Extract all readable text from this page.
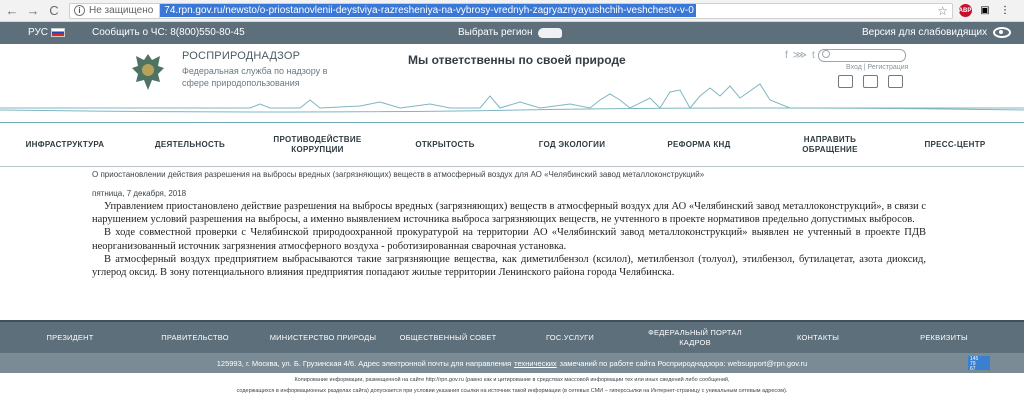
← → C	i Не защищено	74.rpn.gov.ru/newsto/o-priostanovlenii-deystviya-razresheniya-na-vybrosy-vrednyh-zagryaznyayushchih-veshchestv-v-0	☆ ABP ▣	⋮
РУС	Сообщить о ЧС: 8(800)550-80-45	Выбрать регион	Версия для слабовидящих
РОСПРИРОДНАДЗОР
Федеральная служба по надзору в сфере природопользования
Мы ответственны по своей природе	f ⋙ t
Вход | Регистрация
ИНФРАСТРУКТУРА	ДЕЯТЕЛЬНОСТЬ
ПРОТИВОДЕЙСТВИЕ КОРРУПЦИИ
ОТКРЫТОСТЬ	ГОД ЭКОЛОГИИ	РЕФОРМА КНД
НАПРАВИТЬ ОБРАЩЕНИЕ
ПРЕСС-ЦЕНТР
О приостановлении действия разрешения на выбросы вредных (загрязняющих) веществ в атмосферный воздух для АО «Челябинский завод металлоконструкций»
пятница, 7 декабря, 2018

Управлением приостановлено действие разрешения на выбросы вредных (загрязняющих) веществ в атмосферный воздух для АО «Челябинский завод металлоконструкций», в связи с нарушением условий разрешения на выбросы, а именно выявлением источника выброса загрязняющих веществ, не учтенного в проекте нормативов предельно допустимых выбросов.

В ходе совместной проверки с Челябинской природоохранной прокуратурой на территории АО «Челябинский завод металлоконструкций» выявлен не учтенный в проекте ПДВ неорганизованный источник загрязнения атмосферного воздуха - роботизированная сварочная установка.

В атмосферный воздух предприятием выбрасываются такие загрязняющие вещества, как диметилбензол (ксилол), метилбензол (толуол), этилбензол, бутилацетат, азота диоксид, углерод оксид. В зону потенциального влияния предприятия попадают жилые территории Ленинского района города Челябинска.

ПРЕЗИДЕНТ	ПРАВИТЕЛЬСТВО	МИНИСТЕРСТВО ПРИРОДЫ	ОБЩЕСТВЕННЫЙ СОВЕТ	ГОС.УСЛУГИ
ФЕДЕРАЛЬНЫЙ ПОРТАЛ КАДРОВ
КОНТАКТЫ	РЕКВИЗИТЫ
125993, г. Москва, ул. Б. Грузинская 4/6. Адрес электронной почты для направления технических замечаний по работе сайта Росприроднадзора: websupport@rpn.gov.ru	145
79
67
Копирование информации, размещенной на сайте http://rpn.gov.ru (равно как и цитирование в средствах массовой информации тех или иных сведений либо сообщений,
содержащихся в информационных разделах сайта) допускается при условии указания ссылки на источник такой информации (в сетевых СМИ – гиперссылки на Интернет-страницу с уникальным сетевым адресом).
